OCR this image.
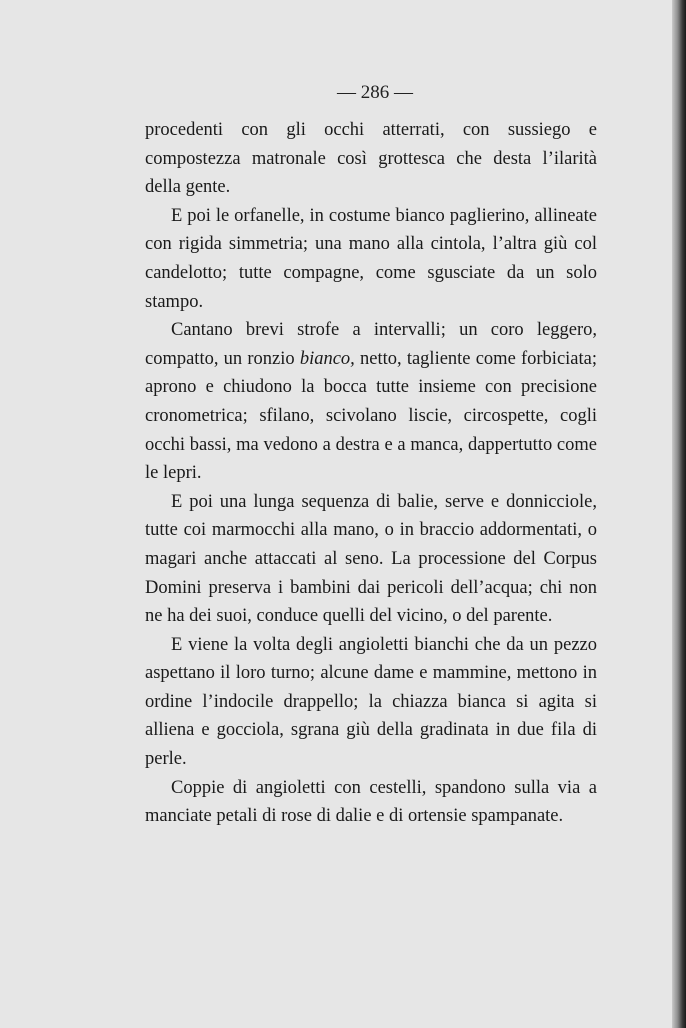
— 286 —

procedenti con gli occhi atterrati, con sussiego e compostezza matronale così grottesca che desta l’ilarità della gente.

E poi le orfanelle, in costume bianco paglierino, allineate con rigida simmetria; una mano alla cintola, l’altra giù col candelotto; tutte compagne, come sgusciate da un solo stampo.

Cantano brevi strofe a intervalli; un coro leggero, compatto, un ronzio bianco, netto, tagliente come forbiciata; aprono e chiudono la bocca tutte insieme con precisione cronometrica; sfilano, scivolano liscie, circospette, cogli occhi bassi, ma vedono a destra e a manca, dappertutto come le lepri.

E poi una lunga sequenza di balie, serve e donnicciole, tutte coi marmocchi alla mano, o in braccio addormentati, o magari anche attaccati al seno. La processione del Corpus Domini preserva i bambini dai pericoli dell’acqua; chi non ne ha dei suoi, conduce quelli del vicino, o del parente.

E viene la volta degli angioletti bianchi che da un pezzo aspettano il loro turno; alcune dame e mammine, mettono in ordine l’indocile drappello; la chiazza bianca si agita si allienа e gocciola, sgrana giù della gradinata in due fila di perle.

Coppie di angioletti con cestelli, spandono sulla via a manciate petali di rose di dalie e di ortensie spampanate.
